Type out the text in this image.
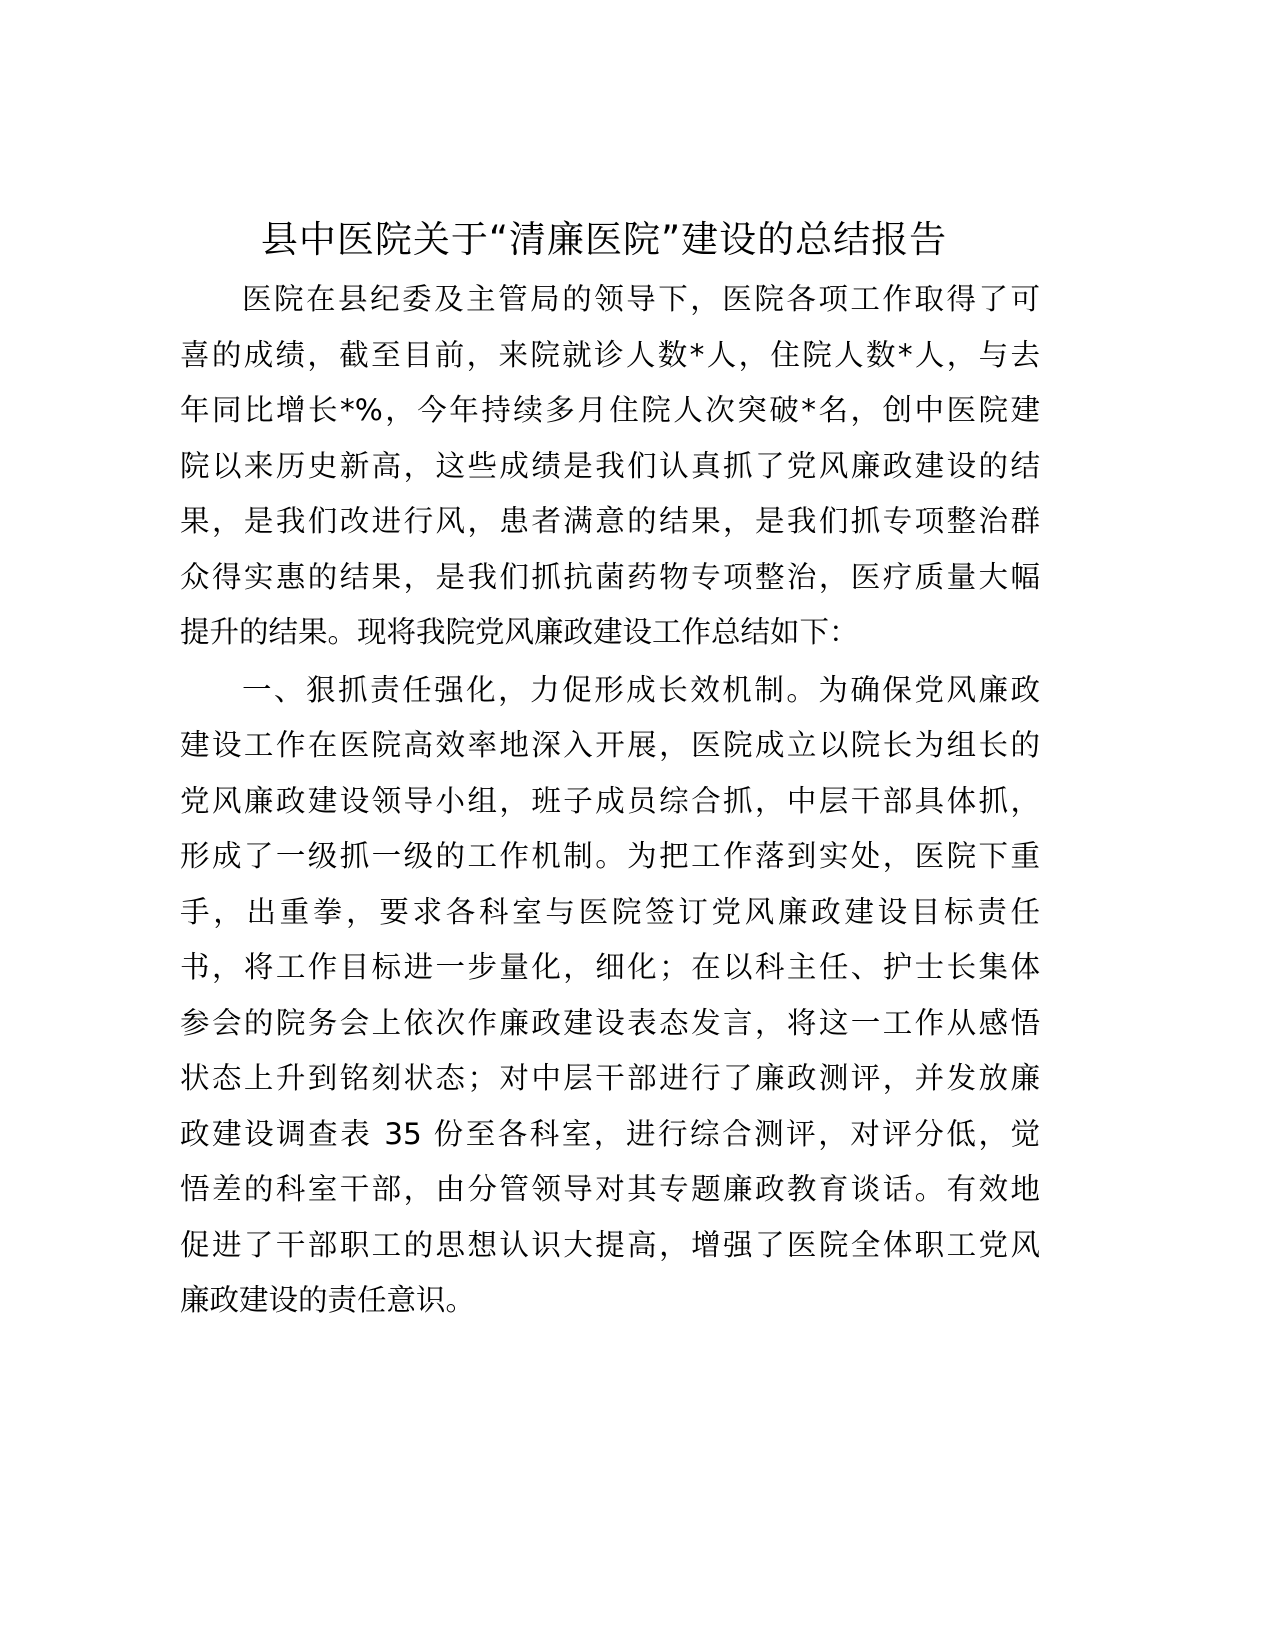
县中医院关于“清廉医院”建设的总结报告
医院在县纪委及主管局的领导下，医院各项工作取得了可
喜的成绩，截至目前，来院就诊人数*人，住院人数*人，与去
年同比增长*%，今年持续多月住院人次突破*名，创中医院建
院以来历史新高，这些成绩是我们认真抓了党风廉政建设的结
果，是我们改进行风，患者满意的结果，是我们抓专项整治群
众得实惠的结果，是我们抓抗菌药物专项整治，医疗质量大幅
提升的结果。现将我院党风廉政建设工作总结如下：
一、狠抓责任强化，力促形成长效机制。为确保党风廉政
建设工作在医院高效率地深入开展，医院成立以院长为组长的
党风廉政建设领导小组，班子成员综合抓，中层干部具体抓，
形成了一级抓一级的工作机制。为把工作落到实处，医院下重
手，出重拳，要求各科室与医院签订党风廉政建设目标责任
书，将工作目标进一步量化，细化；在以科主任、护士长集体
参会的院务会上依次作廉政建设表态发言，将这一工作从感悟
状态上升到铭刻状态；对中层干部进行了廉政测评，并发放廉
政建设调查表 35 份至各科室，进行综合测评，对评分低，觉
悟差的科室干部，由分管领导对其专题廉政教育谈话。有效地
促进了干部职工的思想认识大提高，增强了医院全体职工党风
廉政建设的责任意识。
